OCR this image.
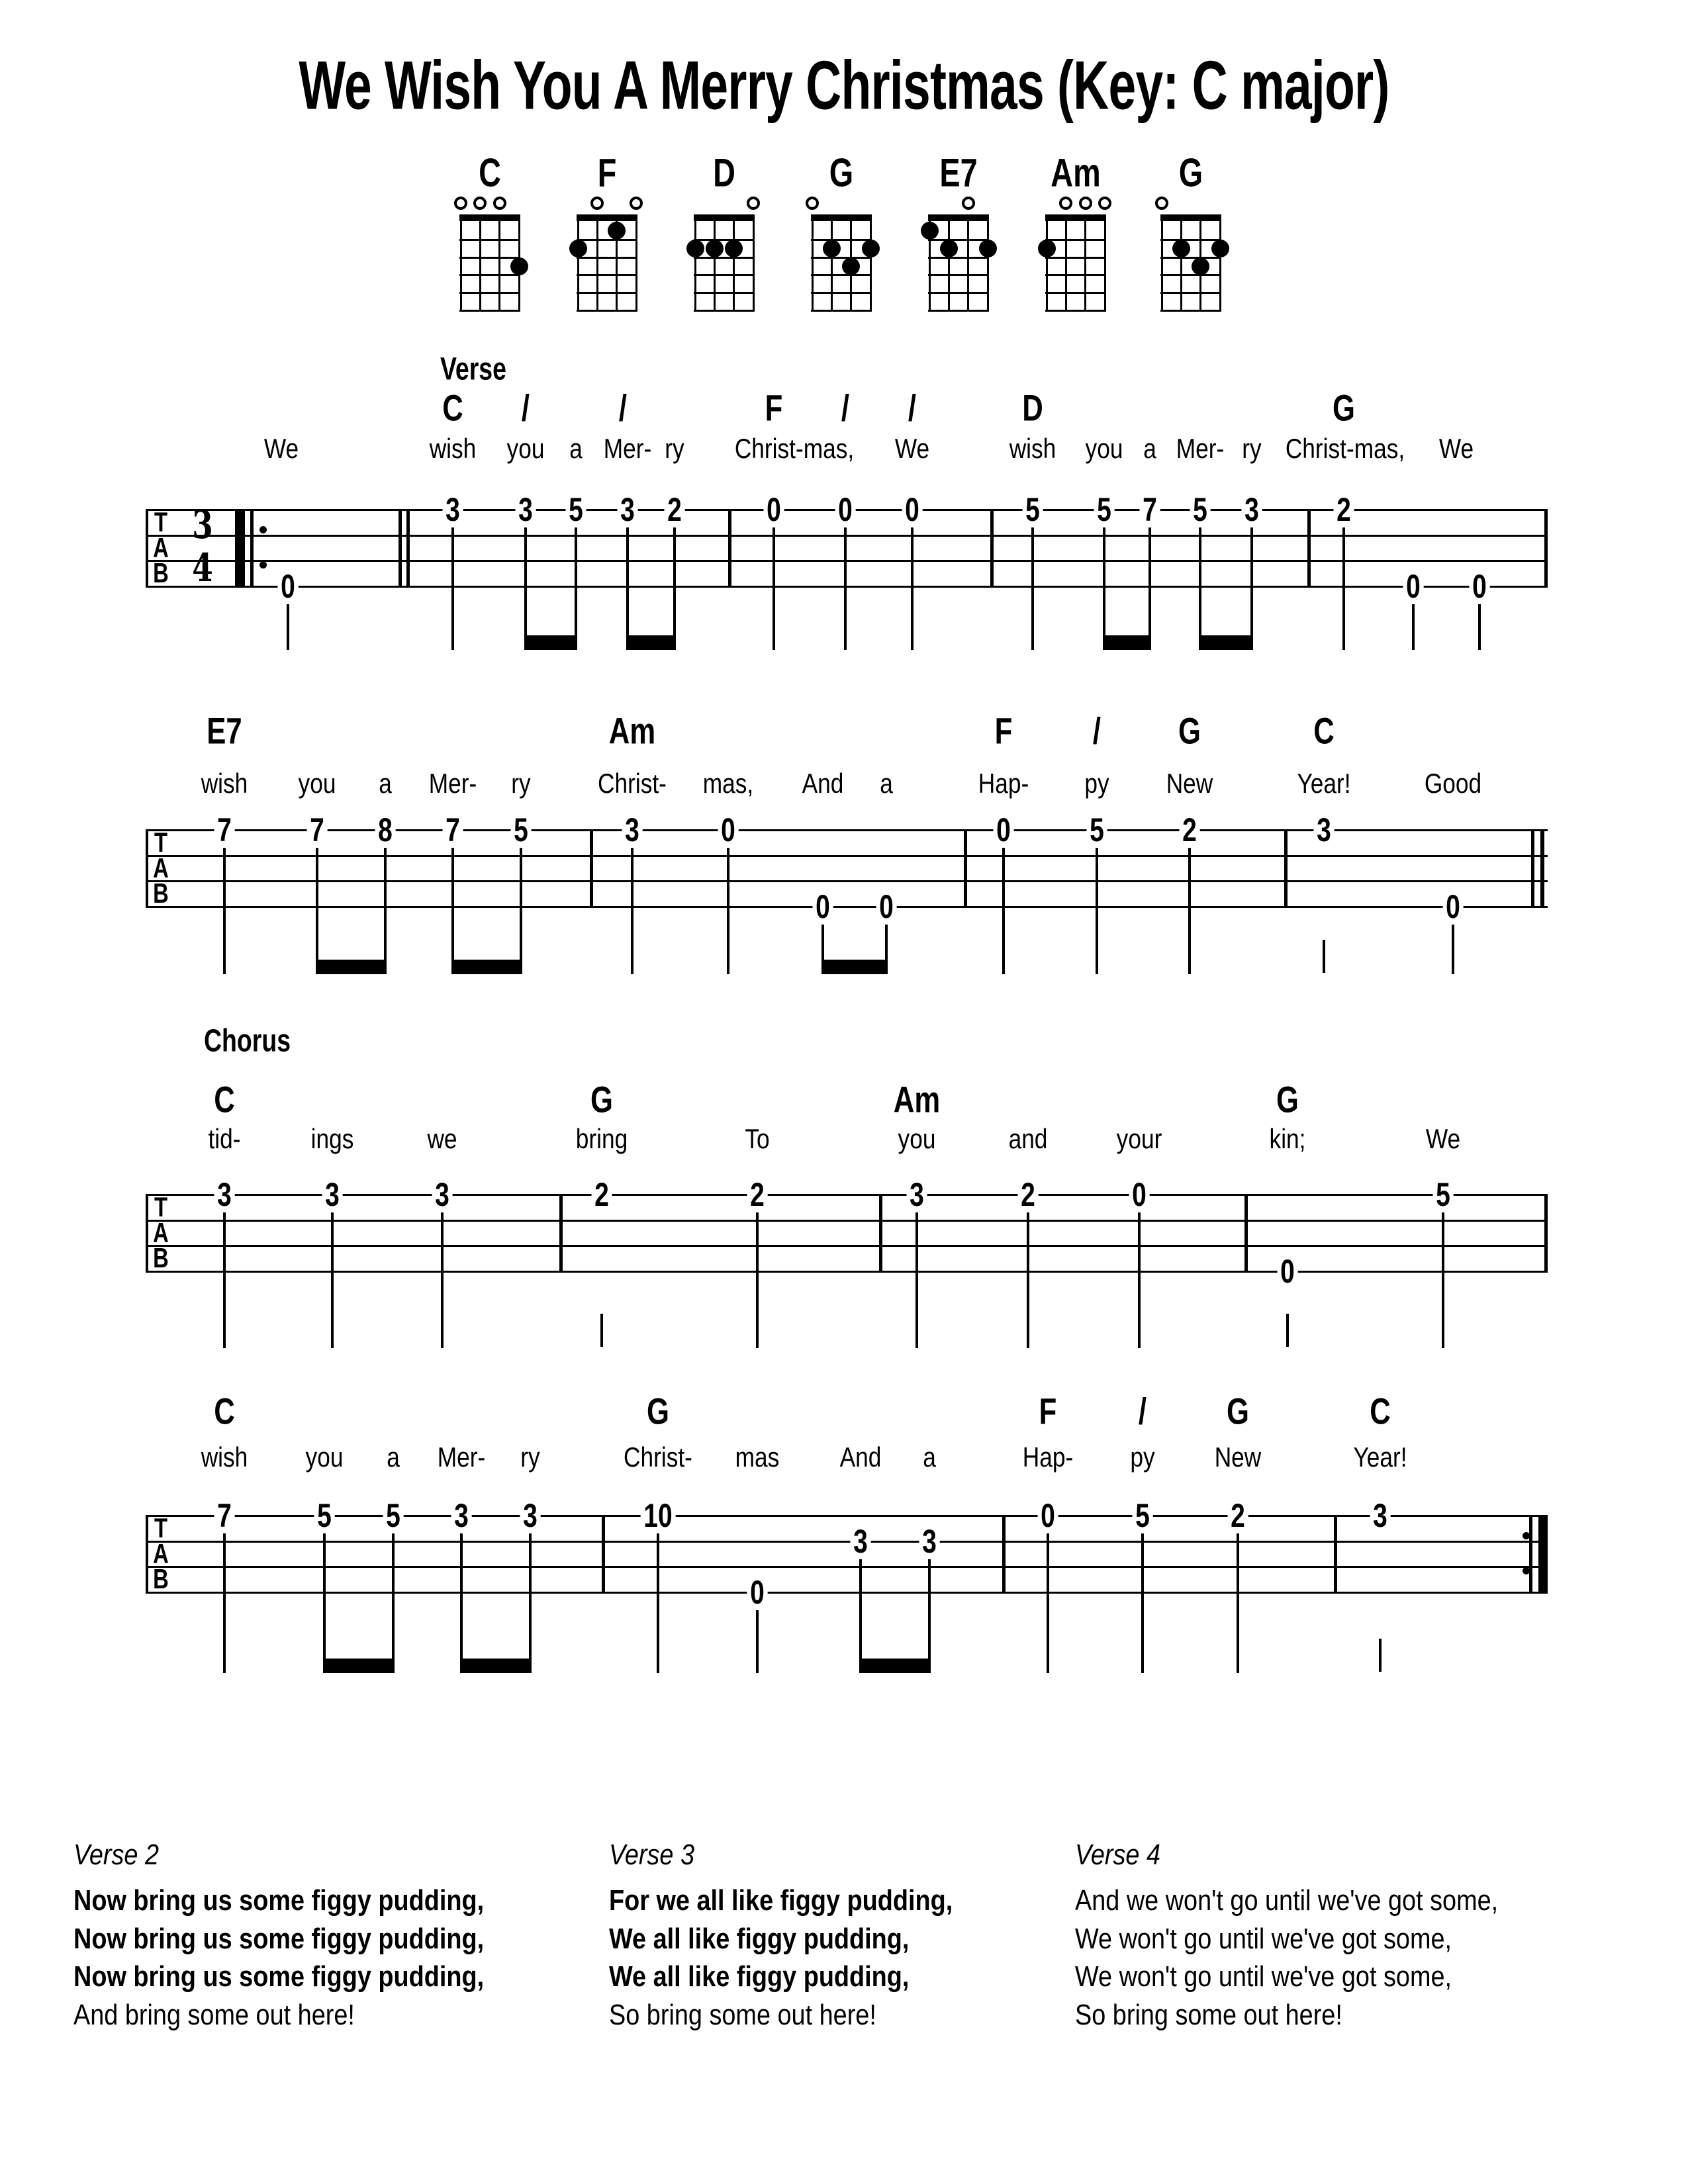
We Wish You A Merry Christmas (Key: C major)
C F D G E7 Am G
Verse
C / /	F / /	D	G
We	wish you a Mer- ry Christ-mas, We	wish you a Mer- ry Christ-mas, We
T
A
B
3
4 0
3 3 5 3 2	0 0 0	5 5 7 5 3 2
0 0
E7	Am	F / G	C
wish you a Mer- ry Christ- mas, And a	Hap- py New	Year!	Good
T
A
B
7 7 8 7 5	3 0
0 0
0 5 2	3
0
Chorus
C	G	Am	G
tid-	ings	we	bring	To	you	and your	kin;	We
T
A
B
3	3	3	2	2	3	2	0
0
5
C	G	F / G	C
wish you a Mer- ry	Christ- mas And a	Hap- py New	Year!
T
A
B
7	5 5 3 3	10
0
3 3
0 5 2	3
Verse 2
Now bring us some figgy pudding,
Now bring us some figgy pudding,
Now bring us some figgy pudding,
And bring some out here!
Verse 3
For we all like figgy pudding,
We all like figgy pudding,
We all like figgy pudding,
So bring some out here!
Verse 4
And we won't go until we've got some,
We won't go until we've got some,
We won't go until we've got some,
So bring some out here!
